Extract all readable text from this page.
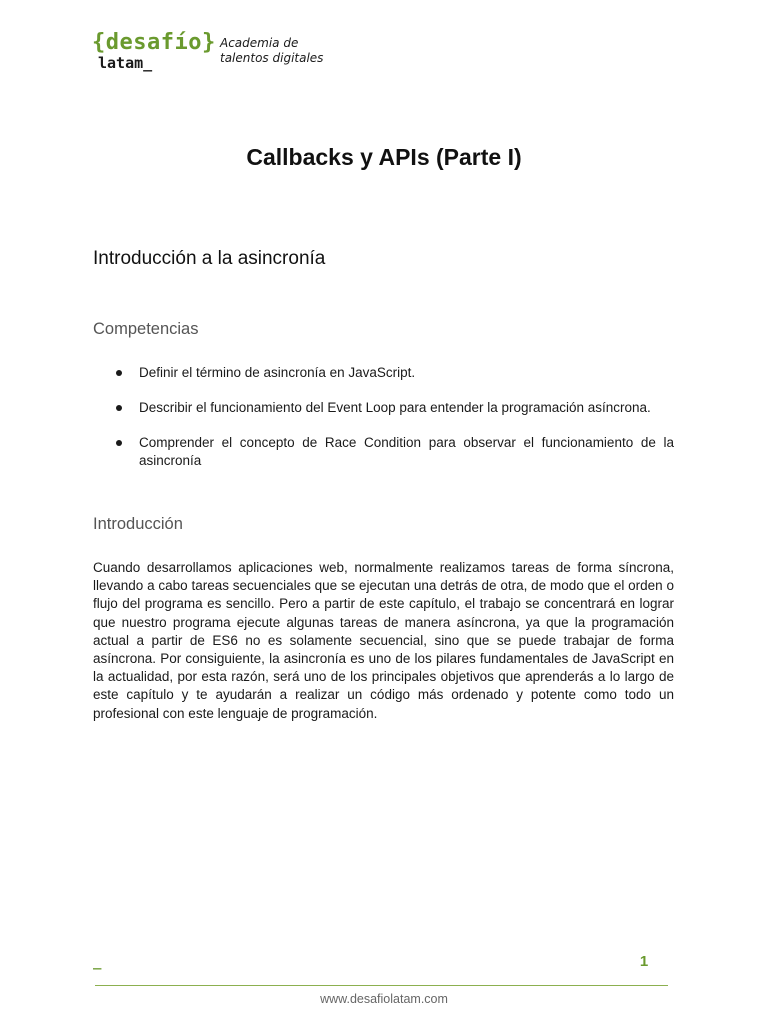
{desafío}
latam_
Academia de
talentos digitales
Callbacks y APIs (Parte I)
Introducción a la asincronía
Competencias
Definir el término de asincronía en JavaScript.
Describir el funcionamiento del Event Loop para entender la programación asíncrona.
Comprender el concepto de Race Condition para observar el funcionamiento de la asincronía
Introducción

Cuando desarrollamos aplicaciones web, normalmente realizamos tareas de forma síncrona, llevando a cabo tareas secuenciales que se ejecutan una detrás de otra, de modo que el orden o flujo del programa es sencillo. Pero a partir de este capítulo, el trabajo se concentrará en lograr que nuestro programa ejecute algunas tareas de manera asíncrona, ya que la programación actual a partir de ES6 no es solamente secuencial, sino que se puede trabajar de forma asíncrona. Por consiguiente, la asincronía es uno de los pilares fundamentales de JavaScript en la actualidad, por esta razón, será uno de los principales objetivos que aprenderás a lo largo de este capítulo y te ayudarán a realizar un código más ordenado y potente como todo un profesional con este lenguaje de programación.

_	1
www.desafiolatam.com
